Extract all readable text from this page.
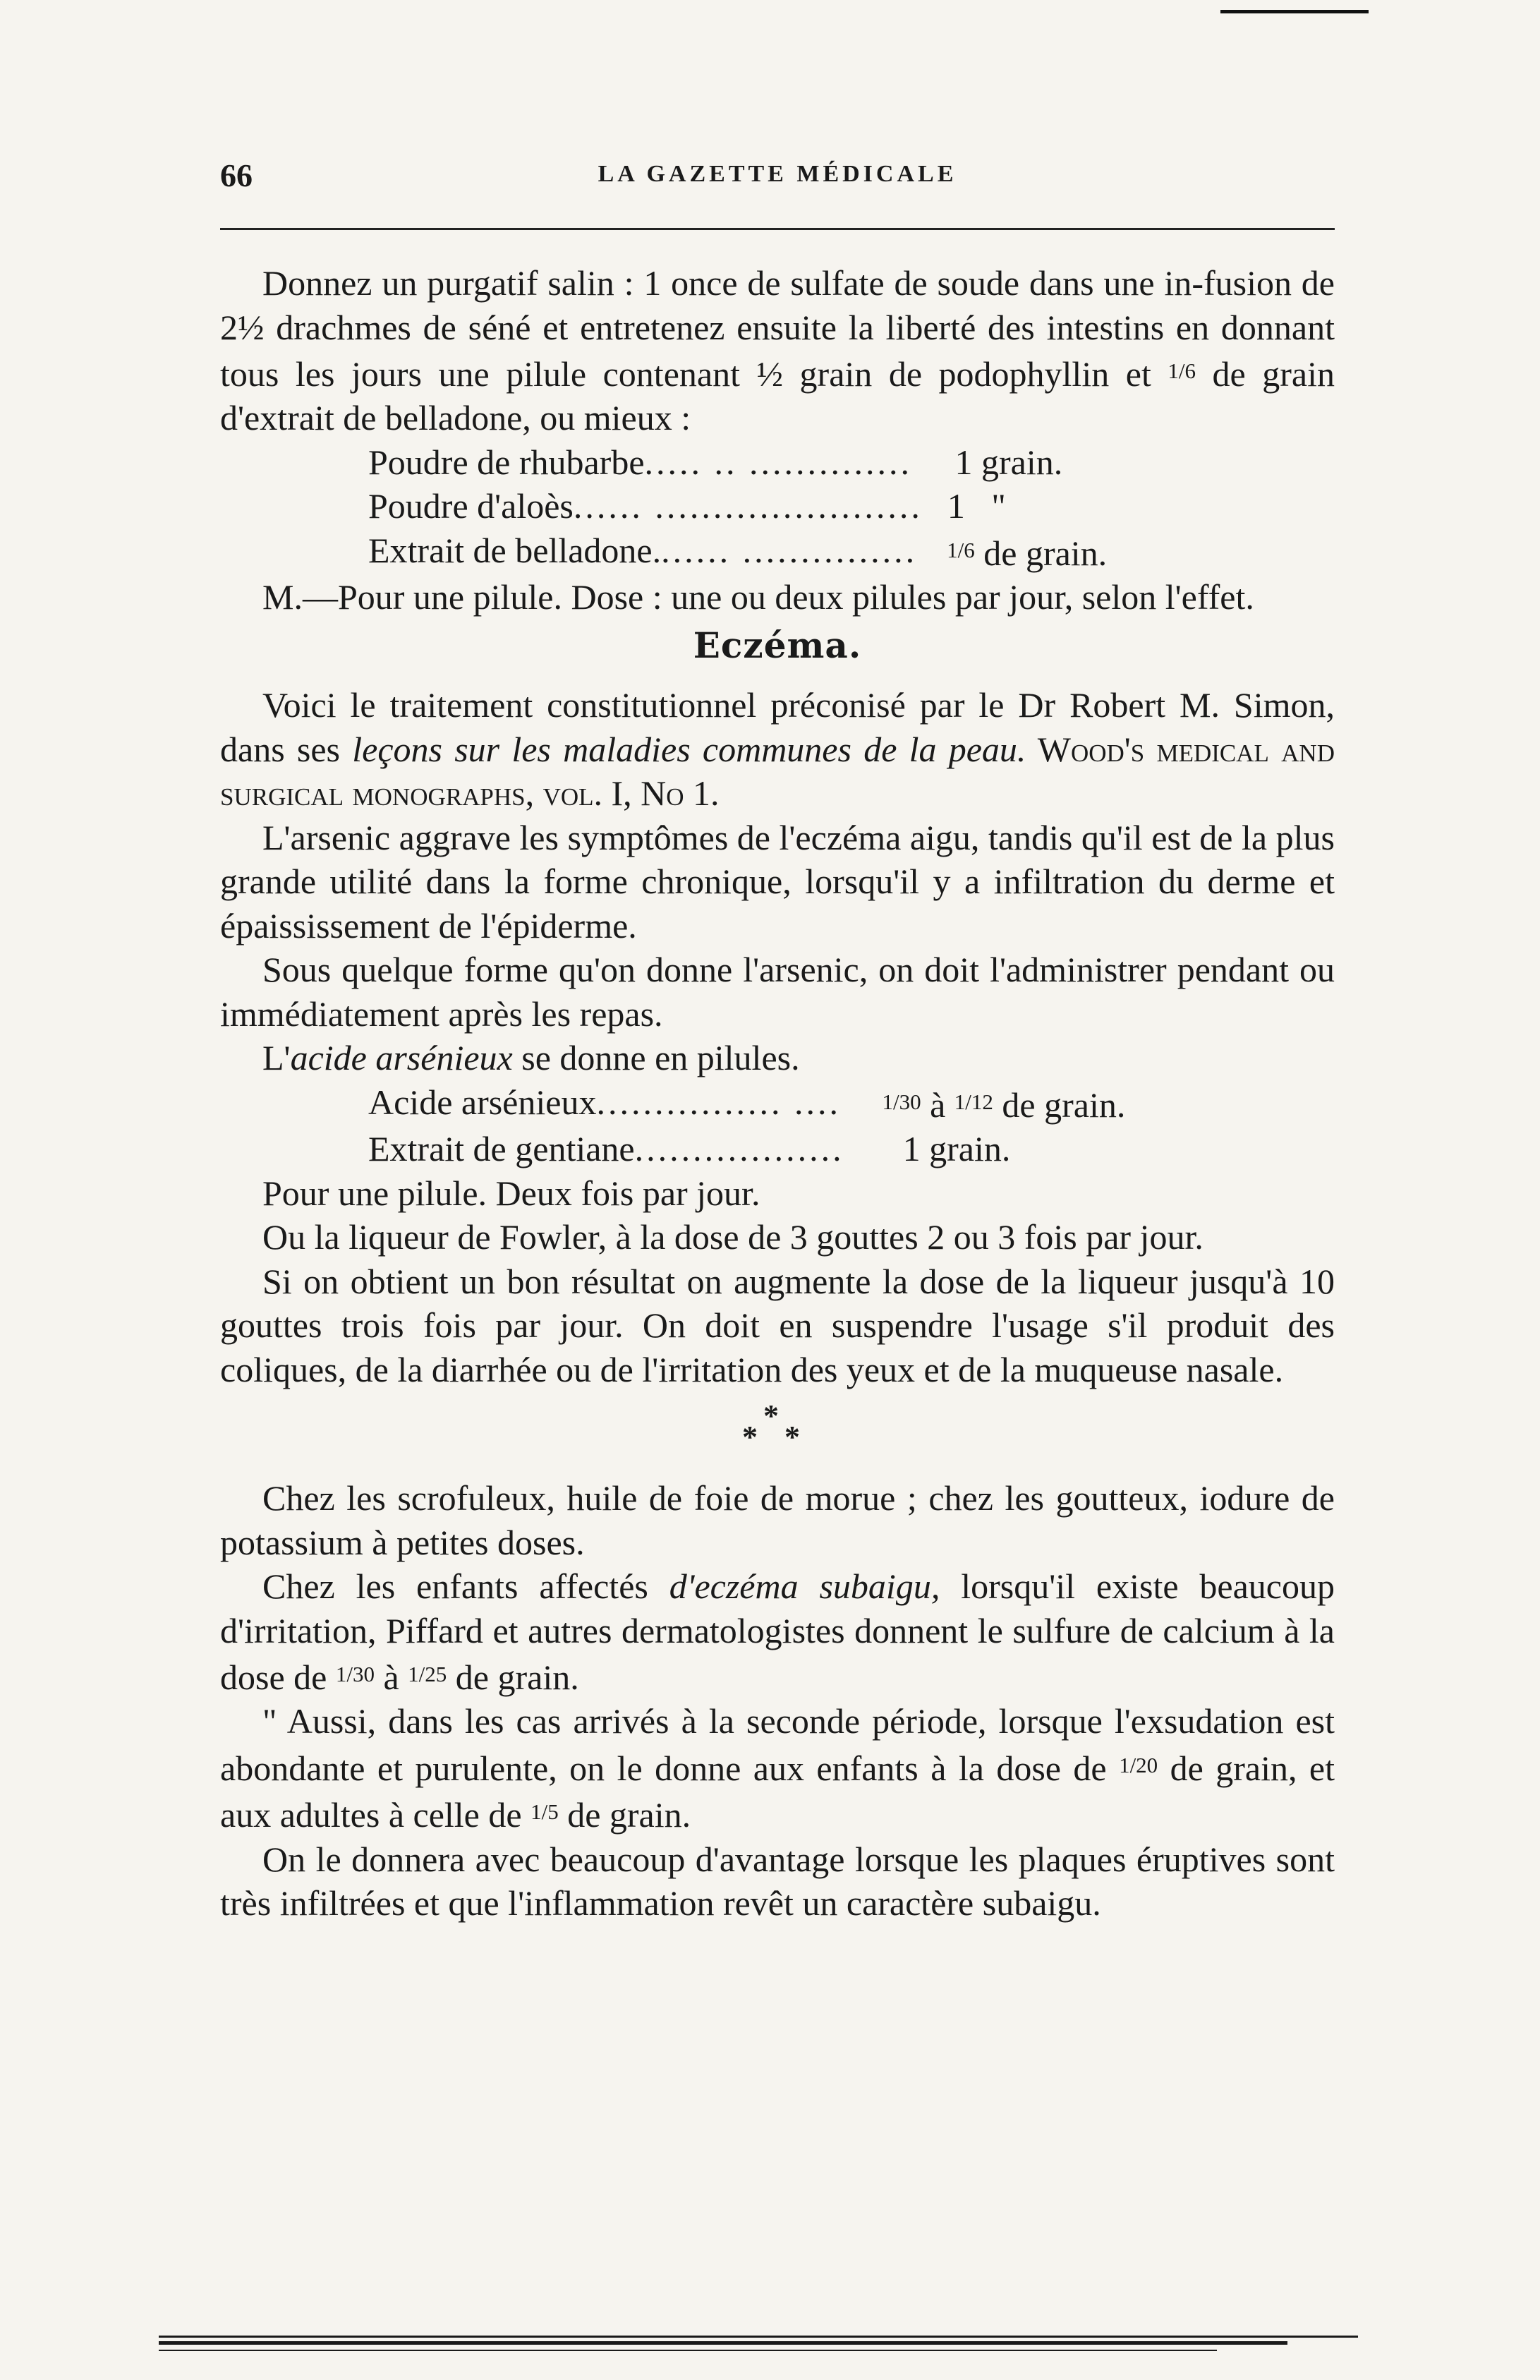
66	LA GAZETTE MÉDICALE

Donnez un purgatif salin : 1 once de sulfate de soude dans une in-fusion de 2½ drachmes de séné et entretenez ensuite la liberté des intestins en donnant tous les jours une pilule contenant ½ grain de podophyllin et $^{1/6}$ de grain d'extrait de belladone, ou mieux :

Poudre de rhubarbe ..... .. ..............	1 grain.
Poudre d'aloès ...... ....................... 1   "
Extrait de belladone. ...... ...............	$^{1/6}$ de grain.

M.—Pour une pilule. Dose : une ou deux pilules par jour, selon l'effet.

Eczéma.

Voici le traitement constitutionnel préconisé par le Dr Robert M. Simon, dans ses leçons sur les maladies communes de la peau. Wood's medical and surgical monographs, vol. I, No 1.

L'arsenic aggrave les symptômes de l'eczéma aigu, tandis qu'il est de la plus grande utilité dans la forme chronique, lorsqu'il y a infiltration du derme et épaississement de l'épiderme.

Sous quelque forme qu'on donne l'arsenic, on doit l'administrer pendant ou immédiatement après les repas.

L'acide arsénieux se donne en pilules.

Acide arsénieux ................ ....	$^{1/30}$ à $^{1/12}$ de grain.
Extrait de gentiane ..................	1 grain.

Pour une pilule. Deux fois par jour.

Ou la liqueur de Fowler, à la dose de 3 gouttes 2 ou 3 fois par jour.

Si on obtient un bon résultat on augmente la dose de la liqueur jusqu'à 10 gouttes trois fois par jour. On doit en suspendre l'usage s'il produit des coliques, de la diarrhée ou de l'irritation des yeux et de la muqueuse nasale.

*
* *

Chez les scrofuleux, huile de foie de morue ; chez les goutteux, iodure de potassium à petites doses.

Chez les enfants affectés d'eczéma subaigu, lorsqu'il existe beaucoup d'irritation, Piffard et autres dermatologistes donnent le sulfure de calcium à la dose de $^{1/30}$ à $^{1/25}$ de grain.

" Aussi, dans les cas arrivés à la seconde période, lorsque l'exsudation est abondante et purulente, on le donne aux enfants à la dose de $^{1/20}$ de grain, et aux adultes à celle de $^{1/5}$ de grain.

On le donnera avec beaucoup d'avantage lorsque les plaques éruptives sont très infiltrées et que l'inflammation revêt un caractère subaigu.
